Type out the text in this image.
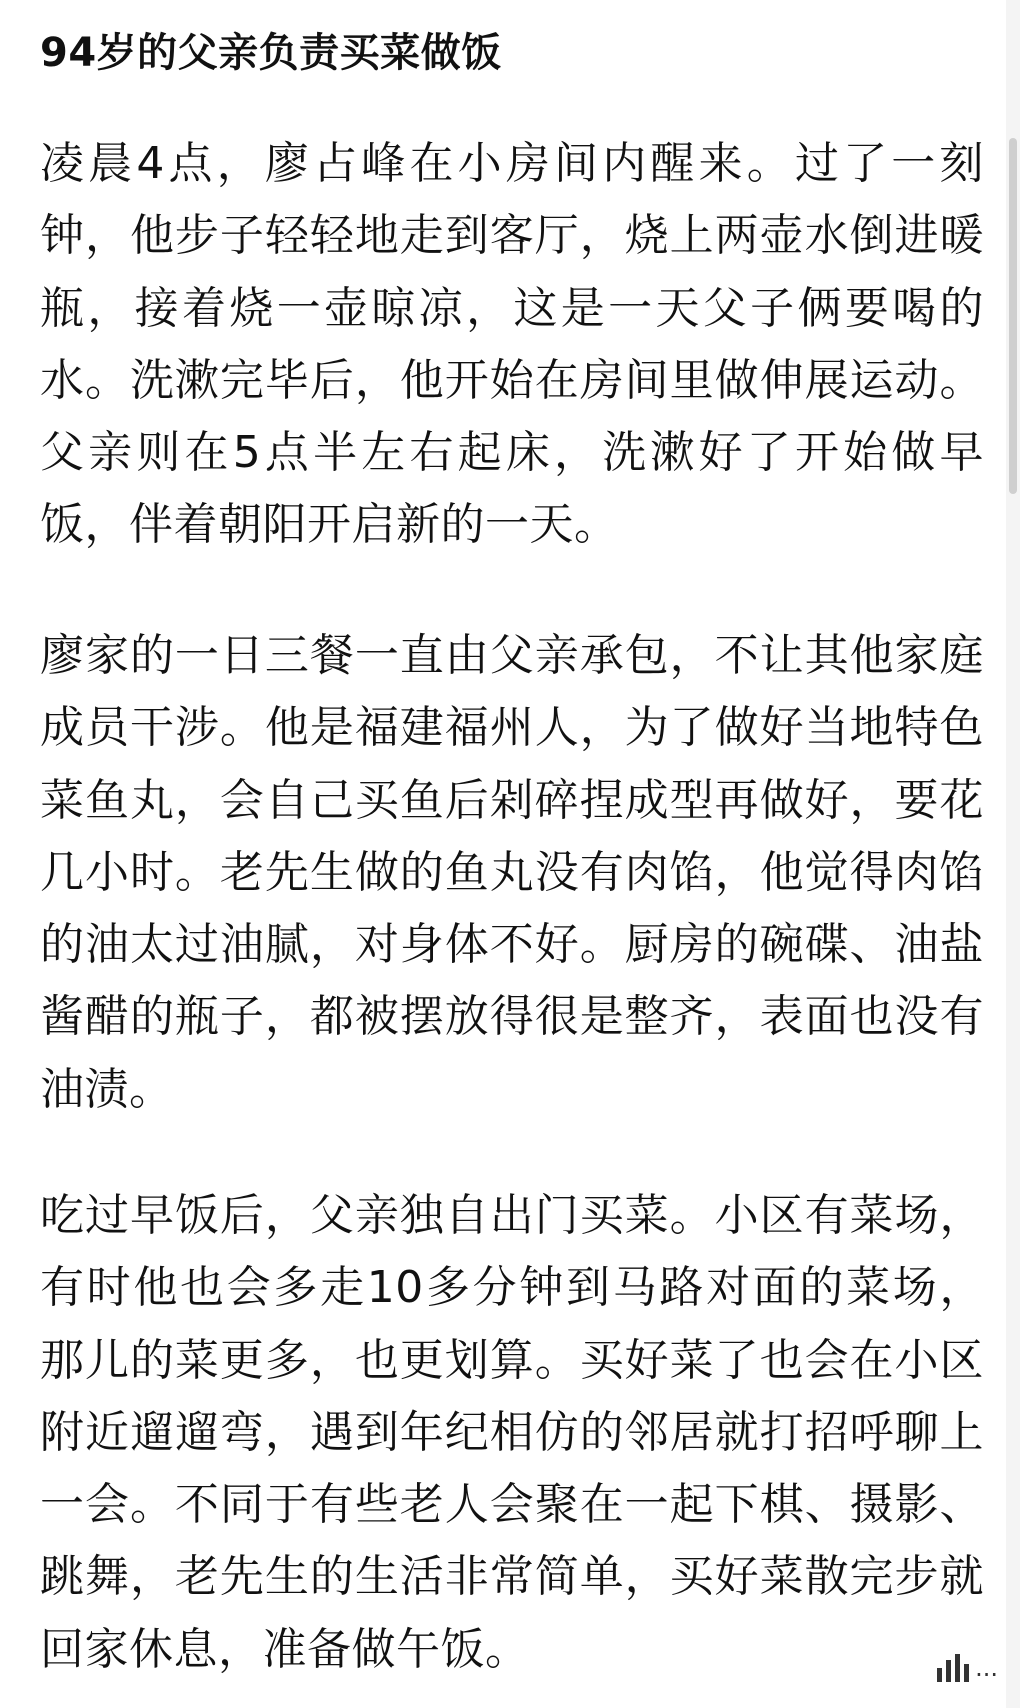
94岁的父亲负责买菜做饭

凌晨4点，廖占峰在小房间内醒来。过了一刻钟，他步子轻轻地走到客厅，烧上两壶水倒进暖瓶，接着烧一壶晾凉，这是一天父子俩要喝的水。洗漱完毕后，他开始在房间里做伸展运动。父亲则在5点半左右起床，洗漱好了开始做早饭，伴着朝阳开启新的一天。

廖家的一日三餐一直由父亲承包，不让其他家庭成员干涉。他是福建福州人，为了做好当地特色菜鱼丸，会自己买鱼后剁碎捏成型再做好，要花几小时。老先生做的鱼丸没有肉馅，他觉得肉馅的油太过油腻，对身体不好。厨房的碗碟、油盐酱醋的瓶子，都被摆放得很是整齐，表面也没有油渍。

吃过早饭后，父亲独自出门买菜。小区有菜场，有时他也会多走10多分钟到马路对面的菜场，那儿的菜更多，也更划算。买好菜了也会在小区附近遛遛弯，遇到年纪相仿的邻居就打招呼聊上一会。不同于有些老人会聚在一起下棋、摄影、跳舞，老先生的生活非常简单，买好菜散完步就回家休息，准备做午饭。	...
